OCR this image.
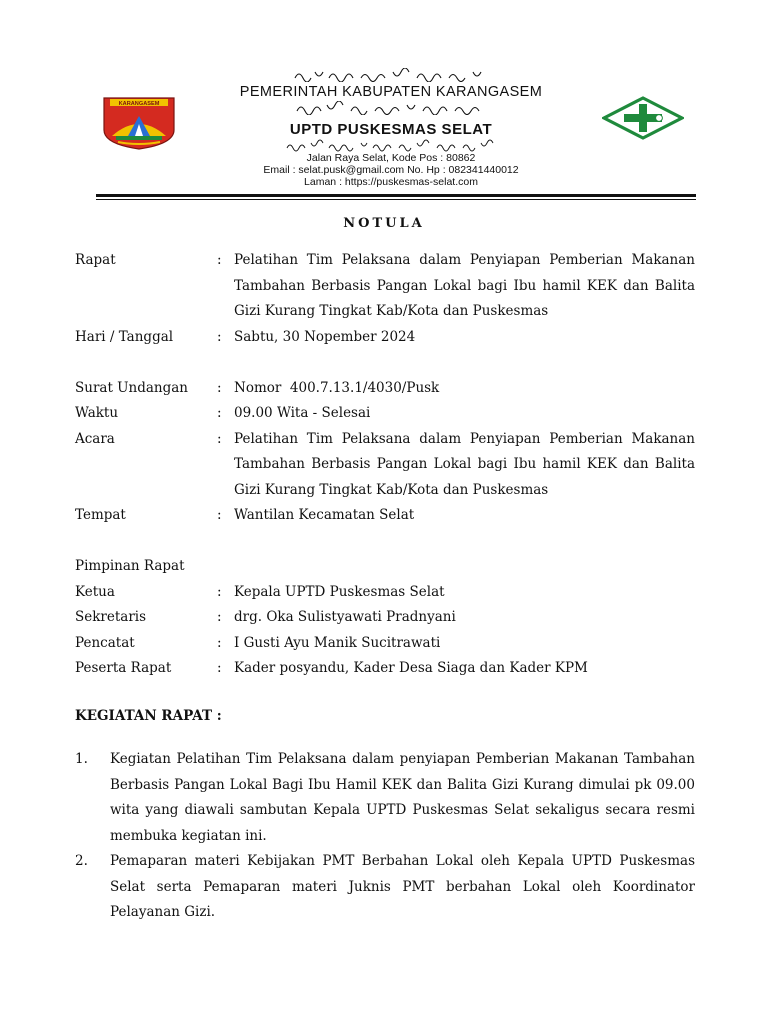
KARANGASEM
PEMERINTAH KABUPATEN KARANGASEM
UPTD PUSKESMAS SELAT
Jalan Raya Selat, Kode Pos : 80862
Email : selat.pusk@gmail.com No. Hp : 082341440012
Laman : https://puskesmas-selat.com
NOTULA
Rapat	: Pelatihan Tim Pelaksana dalam Penyiapan Pemberian Makanan Tambahan Berbasis Pangan Lokal bagi Ibu hamil KEK dan Balita Gizi Kurang Tingkat Kab/Kota dan Puskesmas
Hari / Tanggal	: Sabtu, 30 Nopember 2024
Surat Undangan	: Nomor  400.7.13.1/4030/Pusk
Waktu	: 09.00 Wita - Selesai
Acara	: Pelatihan Tim Pelaksana dalam Penyiapan Pemberian Makanan Tambahan Berbasis Pangan Lokal bagi Ibu hamil KEK dan Balita Gizi Kurang Tingkat Kab/Kota dan Puskesmas
Tempat	: Wantilan Kecamatan Selat
Pimpinan Rapat
Ketua	: Kepala UPTD Puskesmas Selat
Sekretaris	: drg. Oka Sulistyawati Pradnyani
Pencatat	: I Gusti Ayu Manik Sucitrawati
Peserta Rapat	: Kader posyandu, Kader Desa Siaga dan Kader KPM
KEGIATAN RAPAT :
1.	Kegiatan Pelatihan Tim Pelaksana dalam penyiapan Pemberian Makanan Tambahan Berbasis Pangan Lokal Bagi Ibu Hamil KEK dan Balita Gizi Kurang dimulai pk 09.00 wita yang diawali sambutan Kepala UPTD Puskesmas Selat sekaligus secara resmi membuka kegiatan ini.
2.	Pemaparan materi Kebijakan PMT Berbahan Lokal oleh Kepala UPTD Puskesmas Selat serta Pemaparan materi Juknis PMT berbahan Lokal oleh Koordinator Pelayanan Gizi.
